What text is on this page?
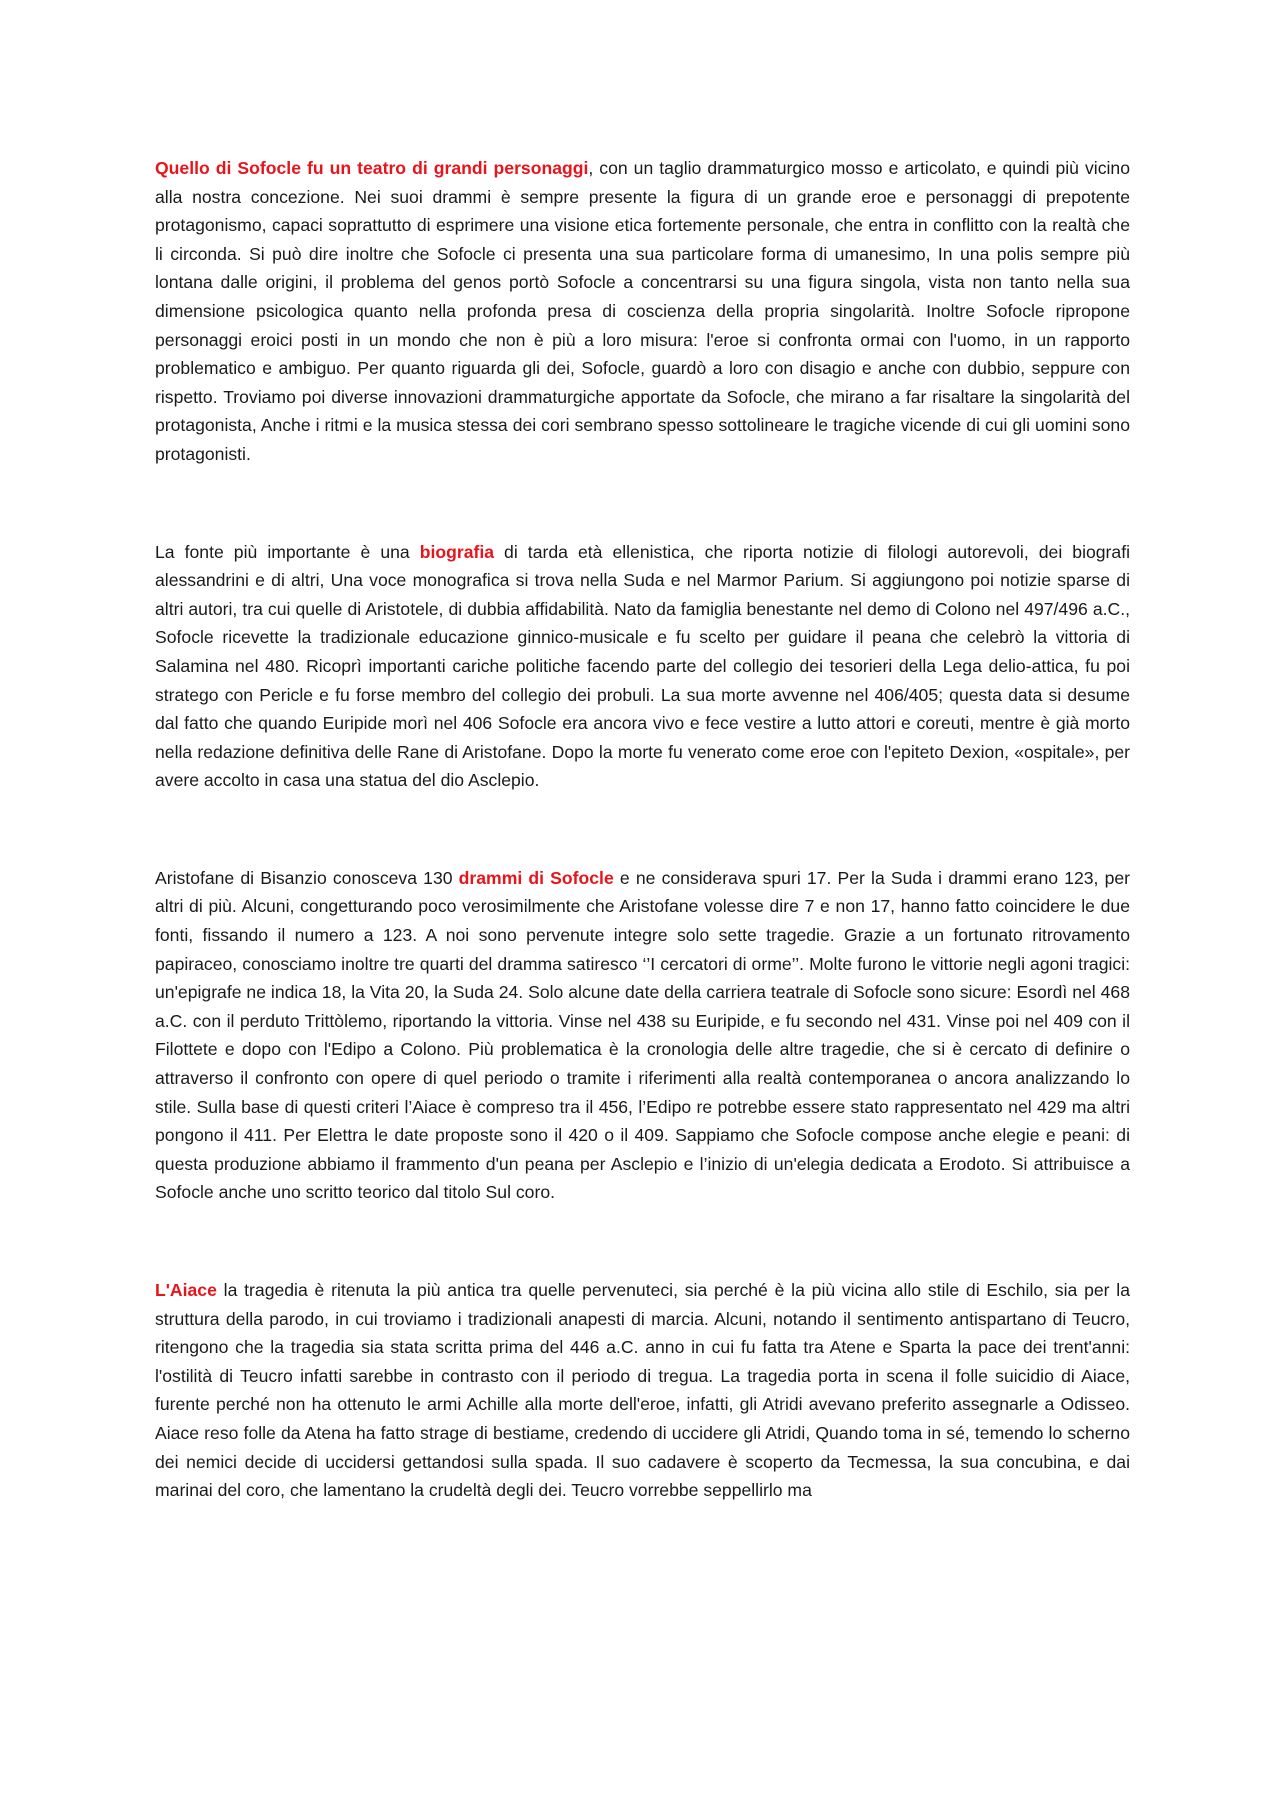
Quello di Sofocle fu un teatro di grandi personaggi, con un taglio drammaturgico mosso e articolato, e quindi più vicino alla nostra concezione. Nei suoi drammi è sempre presente la figura di un grande eroe e personaggi di prepotente protagonismo, capaci soprattutto di esprimere una visione etica fortemente personale, che entra in conflitto con la realtà che li circonda. Si può dire inoltre che Sofocle ci presenta una sua particolare forma di umanesimo, In una polis sempre più lontana dalle origini, il problema del genos portò Sofocle a concentrarsi su una figura singola, vista non tanto nella sua dimensione psicologica quanto nella profonda presa di coscienza della propria singolarità. Inoltre Sofocle ripropone personaggi eroici posti in un mondo che non è più a loro misura: l'eroe si confronta ormai con l'uomo, in un rapporto problematico e ambiguo. Per quanto riguarda gli dei, Sofocle, guardò a loro con disagio e anche con dubbio, seppure con rispetto. Troviamo poi diverse innovazioni drammaturgiche apportate da Sofocle, che mirano a far risaltare la singolarità del protagonista, Anche i ritmi e la musica stessa dei cori sembrano spesso sottolineare le tragiche vicende di cui gli uomini sono protagonisti.

La fonte più importante è una biografia di tarda età ellenistica, che riporta notizie di filologi autorevoli, dei biografi alessandrini e di altri, Una voce monografica si trova nella Suda e nel Marmor Parium. Si aggiungono poi notizie sparse di altri autori, tra cui quelle di Aristotele, di dubbia affidabilità. Nato da famiglia benestante nel demo di Colono nel 497/496 a.C., Sofocle ricevette la tradizionale educazione ginnico-musicale e fu scelto per guidare il peana che celebrò la vittoria di Salamina nel 480. Ricoprì importanti cariche politiche facendo parte del collegio dei tesorieri della Lega delio-attica, fu poi stratego con Pericle e fu forse membro del collegio dei probuli. La sua morte avvenne nel 406/405; questa data si desume dal fatto che quando Euripide morì nel 406 Sofocle era ancora vivo e fece vestire a lutto attori e coreuti, mentre è già morto nella redazione definitiva delle Rane di Aristofane. Dopo la morte fu venerato come eroe con l'epiteto Dexion, «ospitale», per avere accolto in casa una statua del dio Asclepio.

Aristofane di Bisanzio conosceva 130 drammi di Sofocle e ne considerava spuri 17. Per la Suda i drammi erano 123, per altri di più. Alcuni, congetturando poco verosimilmente che Aristofane volesse dire 7 e non 17, hanno fatto coincidere le due fonti, fissando il numero a 123. A noi sono pervenute integre solo sette tragedie. Grazie a un fortunato ritrovamento papiraceo, conosciamo inoltre tre quarti del dramma satiresco ‘’I cercatori di orme’’. Molte furono le vittorie negli agoni tragici: un'epigrafe ne indica 18, la Vita 20, la Suda 24. Solo alcune date della carriera teatrale di Sofocle sono sicure: Esordì nel 468 a.C. con il perduto Trittòlemo, riportando la vittoria. Vinse nel 438 su Euripide, e fu secondo nel 431. Vinse poi nel 409 con il Filottete e dopo con l'Edipo a Colono. Più problematica è la cronologia delle altre tragedie, che si è cercato di definire o attraverso il confronto con opere di quel periodo o tramite i riferimenti alla realtà contemporanea o ancora analizzando lo stile. Sulla base di questi criteri l’Aiace è compreso tra il 456, l’Edipo re potrebbe essere stato rappresentato nel 429 ma altri pongono il 411. Per Elettra le date proposte sono il 420 o il 409. Sappiamo che Sofocle compose anche elegie e peani: di questa produzione abbiamo il frammento d'un peana per Asclepio e l’inizio di un'elegia dedicata a Erodoto. Si attribuisce a Sofocle anche uno scritto teorico dal titolo Sul coro.

L'Aiace la tragedia è ritenuta la più antica tra quelle pervenuteci, sia perché è la più vicina allo stile di Eschilo, sia per la struttura della parodo, in cui troviamo i tradizionali anapesti di marcia. Alcuni, notando il sentimento antispartano di Teucro, ritengono che la tragedia sia stata scritta prima del 446 a.C. anno in cui fu fatta tra Atene e Sparta la pace dei trent'anni: l'ostilità di Teucro infatti sarebbe in contrasto con il periodo di tregua. La tragedia porta in scena il folle suicidio di Aiace, furente perché non ha ottenuto le armi Achille alla morte dell'eroe, infatti, gli Atridi avevano preferito assegnarle a Odisseo. Aiace reso folle da Atena ha fatto strage di bestiame, credendo di uccidere gli Atridi, Quando toma in sé, temendo lo scherno dei nemici decide di uccidersi gettandosi sulla spada. Il suo cadavere è scoperto da Tecmessa, la sua concubina, e dai marinai del coro, che lamentano la crudeltà degli dei. Teucro vorrebbe seppellirlo ma
